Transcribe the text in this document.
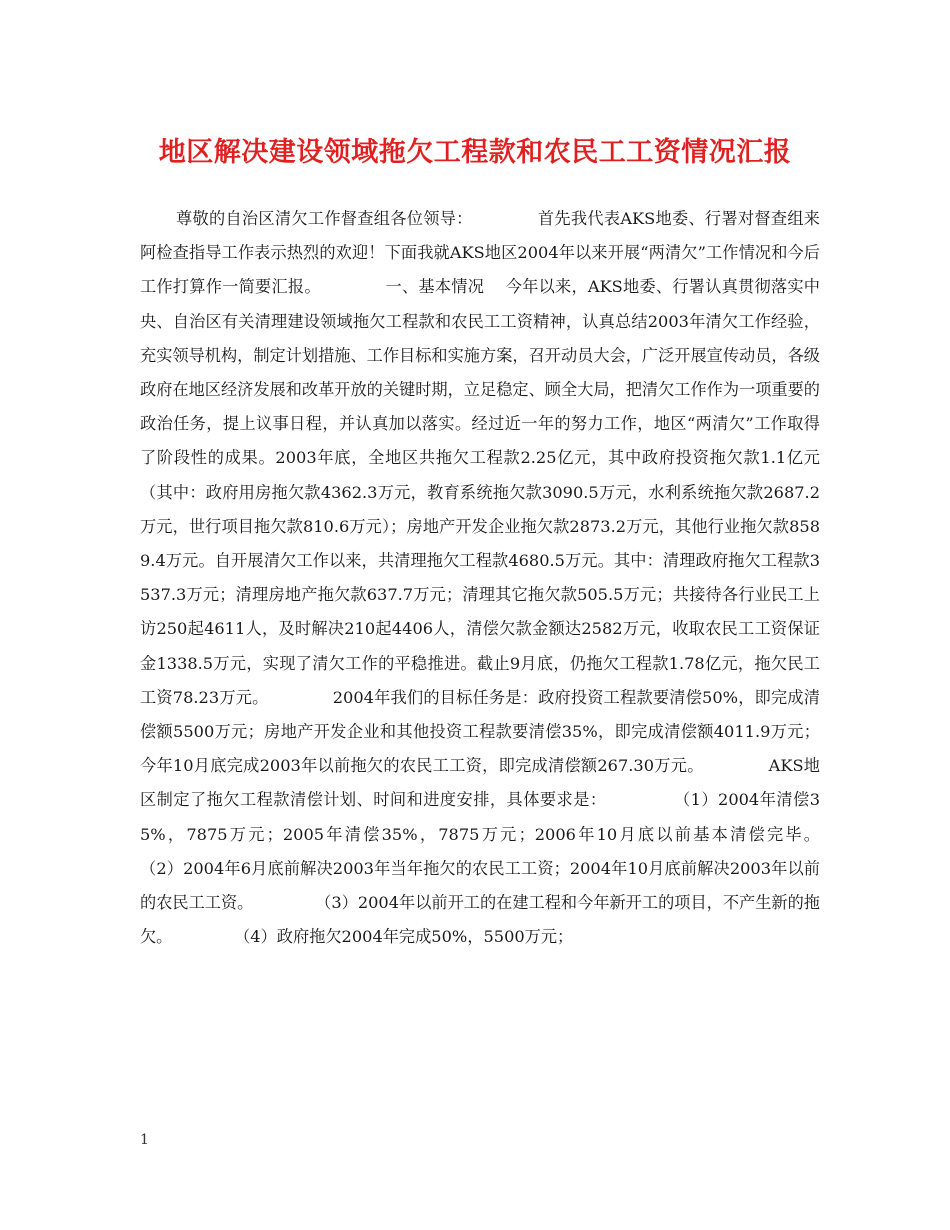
地区解决建设领域拖欠工程款和农民工工资情况汇报

尊敬的自治区清欠工作督查组各位领导：            首先我代表AKS地委、行署对督查组来阿检查指导工作表示热烈的欢迎！下面我就AKS地区2004年以来开展“两清欠”工作情况和今后工作打算作一简要汇报。            一、基本情况    今年以来，AKS地委、行署认真贯彻落实中央、自治区有关清理建设领域拖欠工程款和农民工工资精神，认真总结2003年清欠工作经验，充实领导机构，制定计划措施、工作目标和实施方案，召开动员大会，广泛开展宣传动员，各级政府在地区经济发展和改革开放的关键时期，立足稳定、顾全大局，把清欠工作作为一项重要的政治任务，提上议事日程，并认真加以落实。经过近一年的努力工作，地区“两清欠”工作取得了阶段性的成果。2003年底，全地区共拖欠工程款2.25亿元，其中政府投资拖欠款1.1亿元（其中：政府用房拖欠款4362.3万元，教育系统拖欠款3090.5万元，水利系统拖欠款2687.2万元，世行项目拖欠款810.6万元）；房地产开发企业拖欠款2873.2万元，其他行业拖欠款8589.4万元。自开展清欠工作以来，共清理拖欠工程款4680.5万元。其中：清理政府拖欠工程款3537.3万元；清理房地产拖欠款637.7万元；清理其它拖欠款505.5万元；共接待各行业民工上访250起4611人，及时解决210起4406人，清偿欠款金额达2582万元，收取农民工工资保证金1338.5万元，实现了清欠工作的平稳推进。截止9月底，仍拖欠工程款1.78亿元，拖欠民工工资78.23万元。            2004年我们的目标任务是：政府投资工程款要清偿50%，即完成清偿额5500万元；房地产开发企业和其他投资工程款要清偿35%，即完成清偿额4011.9万元；今年10月底完成2003年以前拖欠的农民工工资，即完成清偿额267.30万元。            AKS地区制定了拖欠工程款清偿计划、时间和进度安排，具体要求是：            （1）2004年清偿35%，7875万元；2005年清偿35%，7875万元；2006年10月底以前基本清偿完毕。            （2）2004年6月底前解决2003年当年拖欠的农民工工资；2004年10月底前解决2003年以前的农民工工资。            （3）2004年以前开工的在建工程和今年新开工的项目，不产生新的拖欠。            （4）政府拖欠2004年完成50%，5500万元；

1
